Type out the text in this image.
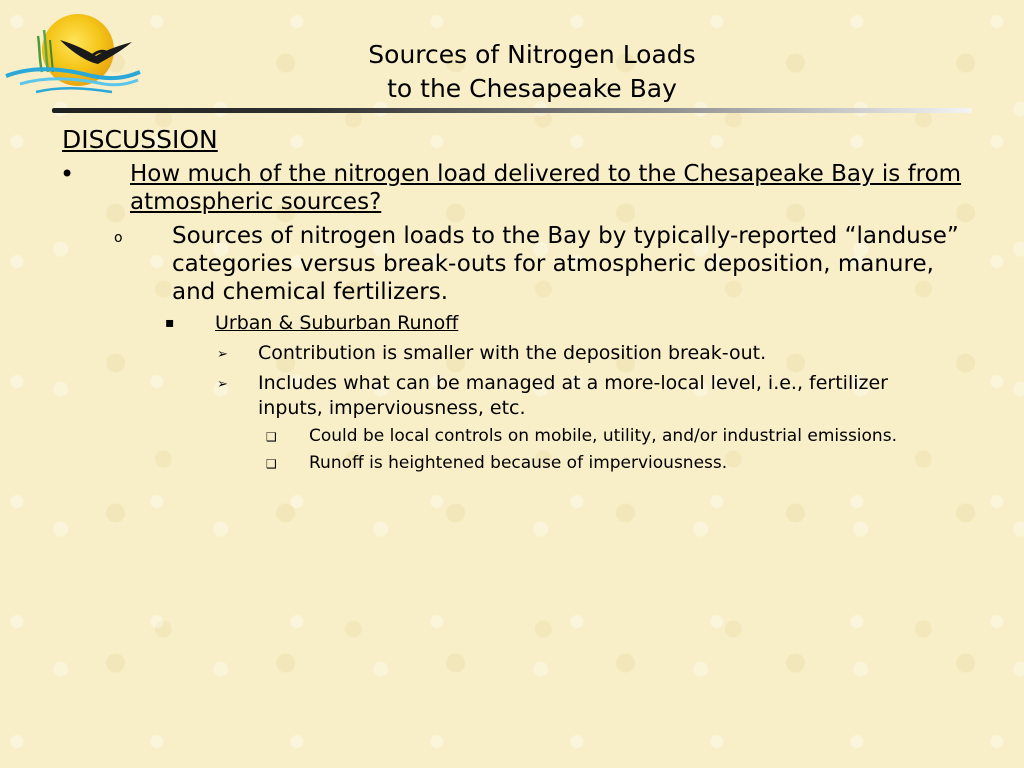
Sources of Nitrogen Loads
to the Chesapeake Bay
DISCUSSION
• How much of the nitrogen load delivered to the Chesapeake Bay is from atmospheric sources?
o Sources of nitrogen loads to the Bay by typically-reported “landuse” categories versus break-outs for atmospheric deposition, manure, and chemical fertilizers.
▪ Urban & Suburban Runoff
➢ Contribution is smaller with the deposition break-out.
➢ Includes what can be managed at a more-local level, i.e., fertilizer inputs, imperviousness, etc.
❑ Could be local controls on mobile, utility, and/or industrial emissions.
❑ Runoff is heightened because of imperviousness.
